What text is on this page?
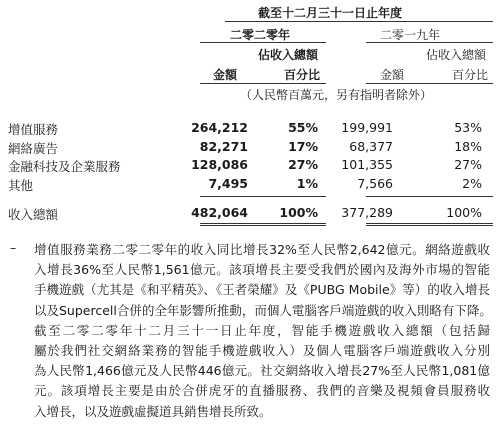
截至十二月三十一日止年度
二零二零年	二零一九年
佔收入總額	佔收入總額
金額	百分比	金額	百分比
（人民幣百萬元，另有指明者除外）
增值服務	264,212	55% 199,991	53%
網絡廣告	82,271	17%	68,377	18%
金融科技及企業服務	128,086	27% 101,355	27%
其他	7,495	1%	7,566	2%
收入總額	482,064	100% 377,289	100%
– 增值服務業務二零二零年的收入同比增長32%至人民幣2,642億元。網絡遊戲收
入增長36%至人民幣1,561億元。該項增長主要受我們於國內及海外市場的智能
手機遊戲（尤其是《和平精英》、《王者榮耀》及《PUBG Mobile》等）的收入增長
以及Supercell合併的全年影響所推動，而個人電腦客戶端遊戲的收入則略有下降。
截至二零二零年十二月三十一日止年度，智能手機遊戲收入總額（包括歸
屬於我們社交網絡業務的智能手機遊戲收入）及個人電腦客戶端遊戲收入分別
為人民幣1,466億元及人民幣446億元。社交網絡收入增長27%至人民幣1,081億
元。該項增長主要是由於合併虎牙的直播服務、我們的音樂及視頻會員服務收
入增長，以及遊戲虛擬道具銷售增長所致。
